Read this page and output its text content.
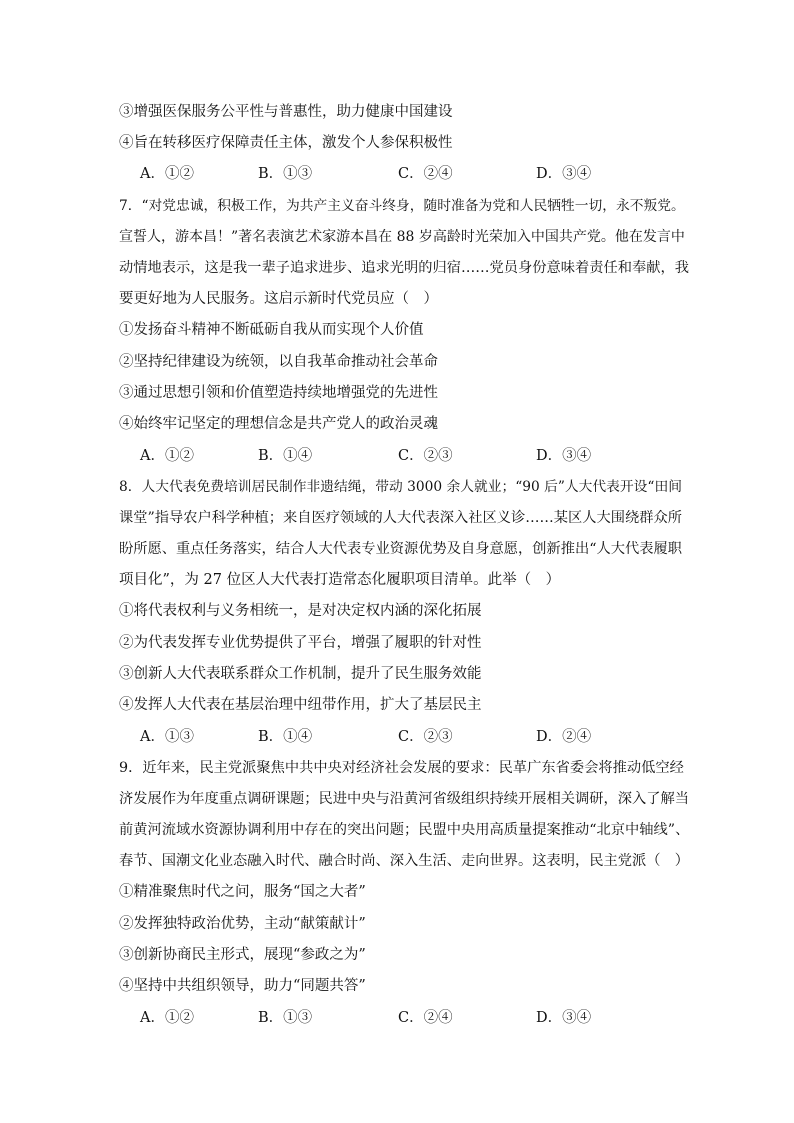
③增强医保服务公平性与普惠性，助力健康中国建设
④旨在转移医疗保障责任主体，激发个人参保积极性
A．①②	B．①③	C．②④	D．③④
7．“对党忠诚，积极工作，为共产主义奋斗终身，随时准备为党和人民牺牲一切，永不叛党。
宣誓人，游本昌！”著名表演艺术家游本昌在 88 岁高龄时光荣加入中国共产党。他在发言中
动情地表示，这是我一辈子追求进步、追求光明的归宿……党员身份意味着责任和奉献，我
要更好地为人民服务。这启示新时代党员应（　）
①发扬奋斗精神不断砥砺自我从而实现个人价值
②坚持纪律建设为统领，以自我革命推动社会革命
③通过思想引领和价值塑造持续地增强党的先进性
④始终牢记坚定的理想信念是共产党人的政治灵魂
A．①②	B．①④	C．②③	D．③④
8．人大代表免费培训居民制作非遗结绳，带动 3000 余人就业；“90 后”人大代表开设“田间
课堂”指导农户科学种植；来自医疗领域的人大代表深入社区义诊……某区人大围绕群众所
盼所愿、重点任务落实，结合人大代表专业资源优势及自身意愿，创新推出“人大代表履职
项目化”，为 27 位区人大代表打造常态化履职项目清单。此举（　）
①将代表权利与义务相统一，是对决定权内涵的深化拓展
②为代表发挥专业优势提供了平台，增强了履职的针对性
③创新人大代表联系群众工作机制，提升了民生服务效能
④发挥人大代表在基层治理中纽带作用，扩大了基层民主
A．①③	B．①④	C．②③	D．②④
9．近年来，民主党派聚焦中共中央对经济社会发展的要求：民革广东省委会将推动低空经
济发展作为年度重点调研课题；民进中央与沿黄河省级组织持续开展相关调研，深入了解当
前黄河流域水资源协调利用中存在的突出问题；民盟中央用高质量提案推动“北京中轴线”、
春节、国潮文化业态融入时代、融合时尚、深入生活、走向世界。这表明，民主党派（　）
①精准聚焦时代之问，服务“国之大者”
②发挥独特政治优势，主动“献策献计”
③创新协商民主形式，展现“参政之为”
④坚持中共组织领导，助力“同题共答”
A．①②	B．①③	C．②④	D．③④
